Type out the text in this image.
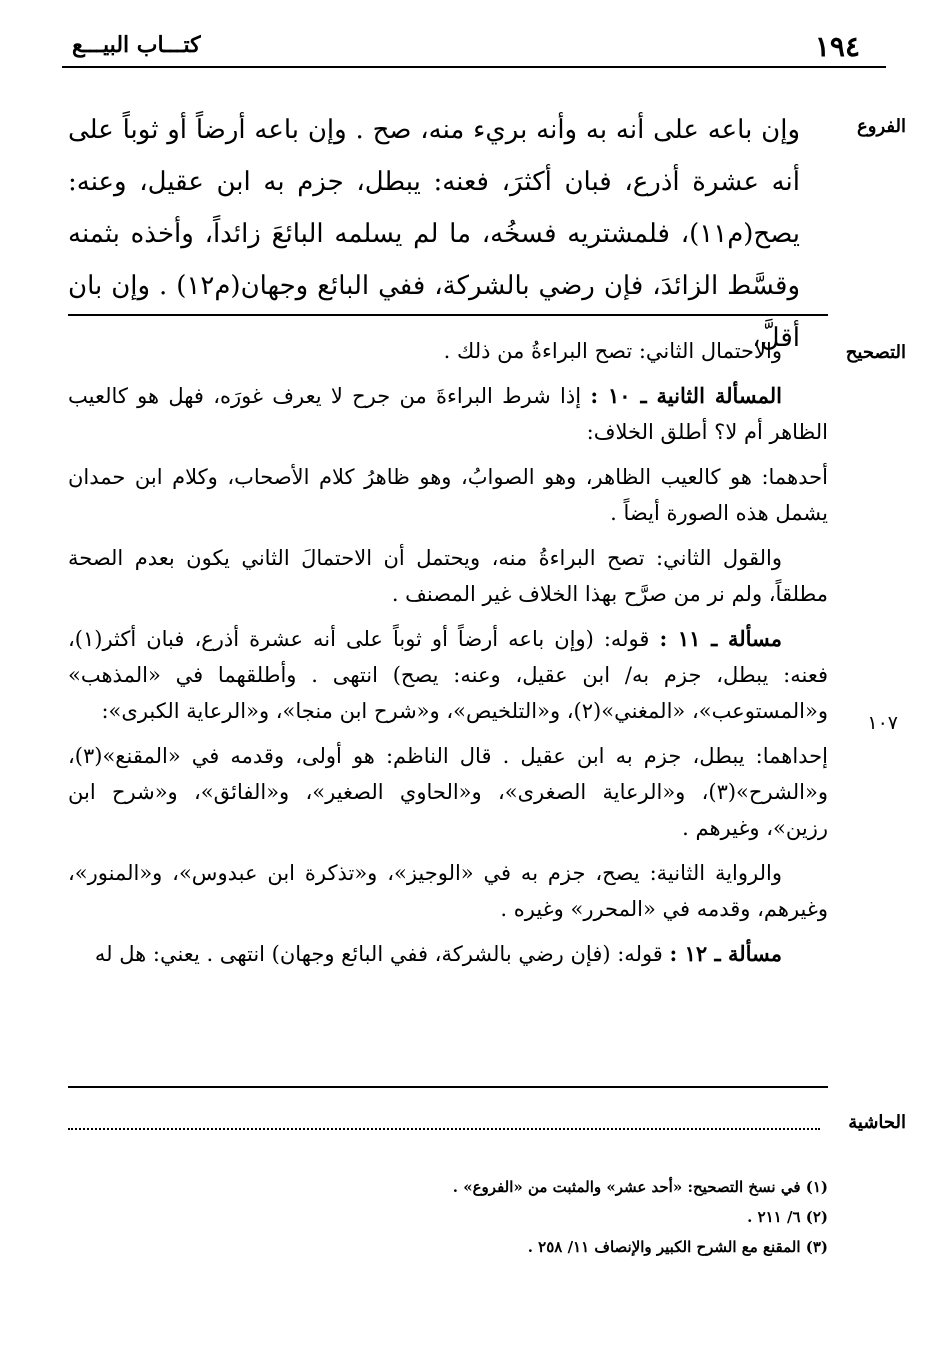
١٩٤
كتـــاب البيـــع
الفروع
وإن باعه على أنه به وأنه بريء منه، صح . وإن باعه أرضاً أو ثوباً على أنه عشرة أذرع، فبان أكثرَ، فعنه: يبطل، جزم به ابن عقيل، وعنه: يصح(م١١)، فلمشتريه فسخُه، ما لم يسلمه البائعَ زائداً، وأخذه بثمنه وقسَّط الزائدَ، فإن رضي بالشركة، ففي البائع وجهان(م١٢) . وإن بان أقلَّ،	التصحيح
١٠٧

والاحتمال الثاني: تصح البراءةُ من ذلك .

المسألة الثانية ـ ١٠ : إذا شرط البراءةَ من جرح لا يعرف غورَه، فهل هو كالعيب الظاهر أم لا؟ أطلق الخلاف:

أحدهما: هو كالعيب الظاهر، وهو الصوابُ، وهو ظاهرُ كلام الأصحاب، وكلام ابن حمدان يشمل هذه الصورة أيضاً .

والقول الثاني: تصح البراءةُ منه، ويحتمل أن الاحتمالَ الثاني يكون بعدم الصحة مطلقاً، ولم نر من صرَّح بهذا الخلاف غير المصنف .

مسألة ـ ١١ : قوله: (وإن باعه أرضاً أو ثوباً على أنه عشرة أذرع، فبان أكثر(١)، فعنه: يبطل، جزم به/ ابن عقيل، وعنه: يصح) انتهى . وأطلقهما في «المذهب» و«المستوعب»، «المغني»(٢)، و«التلخيص»، و«شرح ابن منجا»، و«الرعاية الكبرى»:

إحداهما: يبطل، جزم به ابن عقيل . قال الناظم: هو أولى، وقدمه في «المقنع»(٣)، و«الشرح»(٣)، و«الرعاية الصغرى»، و«الحاوي الصغير»، و«الفائق»، و«شرح ابن رزين»، وغيرهم .

والرواية الثانية: يصح، جزم به في «الوجيز»، و«تذكرة ابن عبدوس»، و«المنور»، وغيرهم، وقدمه في «المحرر» وغيره .

مسألة ـ ١٢ : قوله: (فإن رضي بالشركة، ففي البائع وجهان) انتهى . يعني: هل له

الحاشية
(١) في نسخ التصحيح: «أحد عشر» والمثبت من «الفروع» .
(٢) ٦/ ٢١١ .
(٣) المقنع مع الشرح الكبير والإنصاف ١١/ ٢٥٨ .
